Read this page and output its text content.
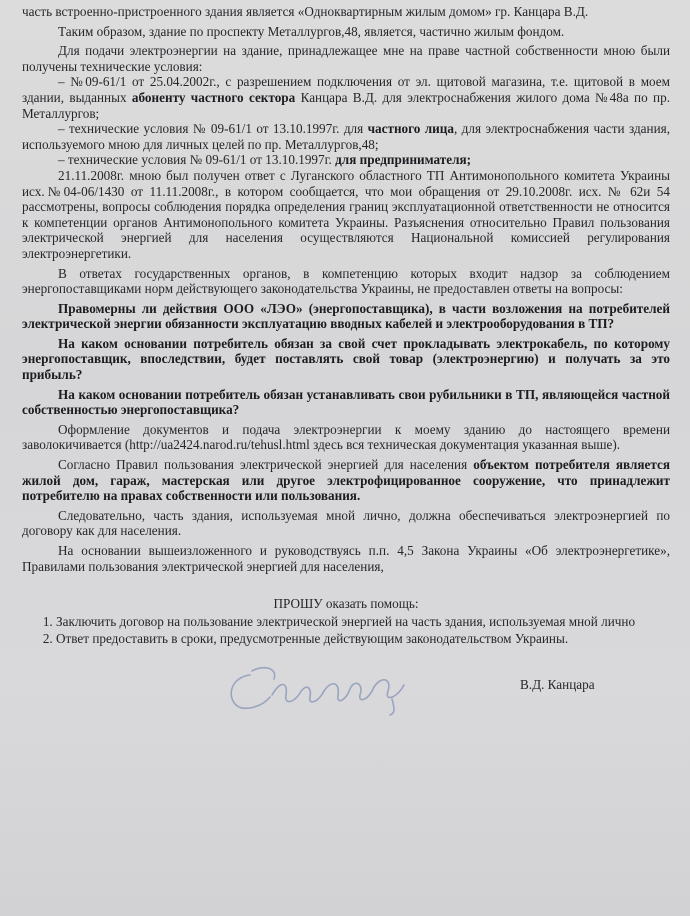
часть встроенно-пристроенного здания является «Одноквартирным жилым домом» гр. Канцара В.Д.

Таким образом, здание по проспекту Металлургов,48, является, частично жилым фондом.

Для подачи электроэнергии на здание, принадлежащее мне на праве частной собственности мною были получены технические условия:

– №09-61/1 от 25.04.2002г., с разрешением подключения от эл. щитовой магазина, т.е. щитовой в моем здании, выданных абоненту частного сектора Канцара В.Д. для электроснабжения жилого дома №48а по пр. Металлургов;

– технические условия № 09-61/1 от 13.10.1997г. для частного лица, для электроснабжения части здания, используемого мною для личных целей по пр. Металлургов,48;

– технические условия № 09-61/1 от 13.10.1997г. для предпринимателя;

21.11.2008г. мною был получен ответ с Луганского областного ТП Антимонопольного комитета Украины исх.№04-06/1430 от 11.11.2008г., в котором сообщается, что мои обращения от 29.10.2008г. исх. № 62и 54 рассмотрены, вопросы соблюдения порядка определения границ эксплуатационной ответственности не относится к компетенции органов Антимонопольного комитета Украины. Разъяснения относительно Правил пользования электрической энергией для населения осуществляются Национальной комиссией регулирования электроэнергетики.

В ответах государственных органов, в компетенцию которых входит надзор за соблюдением энергопоставщиками норм действующего законодательства Украины, не предоставлен ответы на вопросы:

Правомерны ли действия ООО «ЛЭО» (энергопоставщика), в части возложения на потребителей электрической энергии обязанности эксплуатацию вводных кабелей и электрооборудования в ТП?

На каком основании потребитель обязан за свой счет прокладывать электрокабель, по которому энергопоставщик, впоследствии, будет поставлять свой товар (электроэнергию) и получать за это прибыль?

На каком основании потребитель обязан устанавливать свои рубильники в ТП, являющейся частной собственностью энергопоставщика?

Оформление документов и подача электроэнергии к моему зданию до настоящего времени заволокичивается (http://ua2424.narod.ru/tehusl.html здесь вся техническая документация указанная выше).

Согласно Правил пользования электрической энергией для населения объектом потребителя является жилой дом, гараж, мастерская или другое электрофицированное сооружение, что принадлежит потребителю на правах собственности или пользования.

Следовательно, часть здания, используемая мной лично, должна обеспечиваться электроэнергией по договору как для населения.

На основании вышеизложенного и руководствуясь п.п. 4,5 Закона Украины «Об электроэнергетике», Правилами пользования электрической энергией для населения,

ПРОШУ оказать помощь:

1. Заключить договор на пользование электрической энергией на часть здания, используемая мной лично
2. Ответ предоставить в сроки, предусмотренные действующим законодательством Украины.
В.Д. Канцара
